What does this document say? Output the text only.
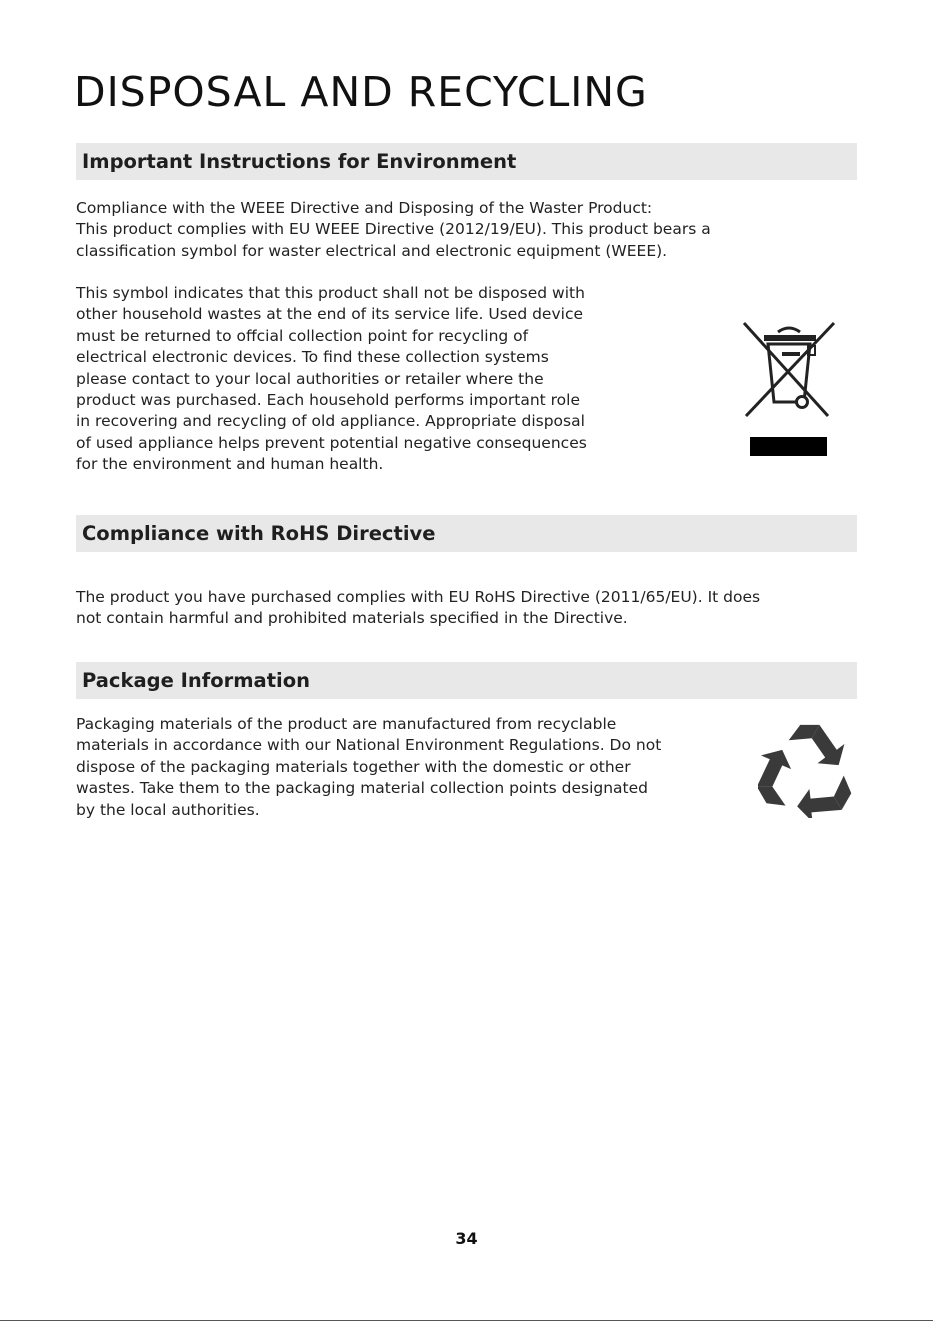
DISPOSAL AND RECYCLING
Important Instructions for Environment

Compliance with the WEEE Directive and Disposing of the Waster Product:
This product complies with EU WEEE Directive (2012/19/EU). This product bears a
classification symbol for waster electrical and electronic equipment (WEEE).

This symbol indicates that this product shall not be disposed with
other household wastes at the end of its service life. Used device
must be returned to offcial collection point for recycling of
electrical electronic devices. To find these collection systems
please contact to your local authorities or retailer where the
product was purchased. Each household performs important role
in recovering and recycling of old appliance. Appropriate disposal
of used appliance helps prevent potential negative consequences
for the environment and human health.

Compliance with RoHS Directive

The product you have purchased complies with EU RoHS Directive (2011/65/EU). It does
not contain harmful and prohibited materials specified in the Directive.

Package Information

Packaging materials of the product are manufactured from recyclable
materials in accordance with our National Environment Regulations. Do not
dispose of the packaging materials together with the domestic or other
wastes. Take them to the packaging material collection points designated
by the local authorities.

34
